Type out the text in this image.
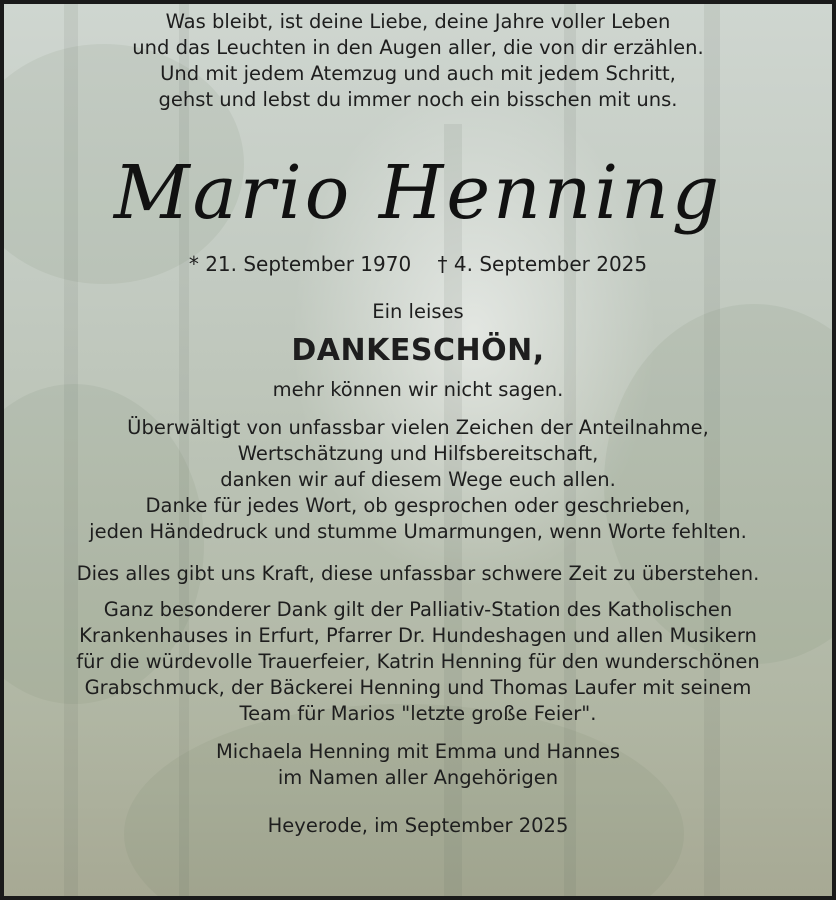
Was bleibt, ist deine Liebe, deine Jahre voller Leben

und das Leuchten in den Augen aller, die von dir erzählen.

Und mit jedem Atemzug und auch mit jedem Schritt,

gehst und lebst du immer noch ein bisschen mit uns.

Mario Henning

* 21. September 1970 † 4. September 2025

Ein leises

DANKESCHÖN,

mehr können wir nicht sagen.

Überwältigt von unfassbar vielen Zeichen der Anteilnahme,

Wertschätzung und Hilfsbereitschaft,

danken wir auf diesem Wege euch allen.

Danke für jedes Wort, ob gesprochen oder geschrieben,

jeden Händedruck und stumme Umarmungen, wenn Worte fehlten.

Dies alles gibt uns Kraft, diese unfassbar schwere Zeit zu überstehen.

Ganz besonderer Dank gilt der Palliativ-Station des Katholischen

Krankenhauses in Erfurt, Pfarrer Dr. Hundeshagen und allen Musikern

für die würdevolle Trauerfeier, Katrin Henning für den wunderschönen

Grabschmuck, der Bäckerei Henning und Thomas Laufer mit seinem

Team für Marios "letzte große Feier".

Michaela Henning mit Emma und Hannes

im Namen aller Angehörigen

Heyerode, im September 2025
